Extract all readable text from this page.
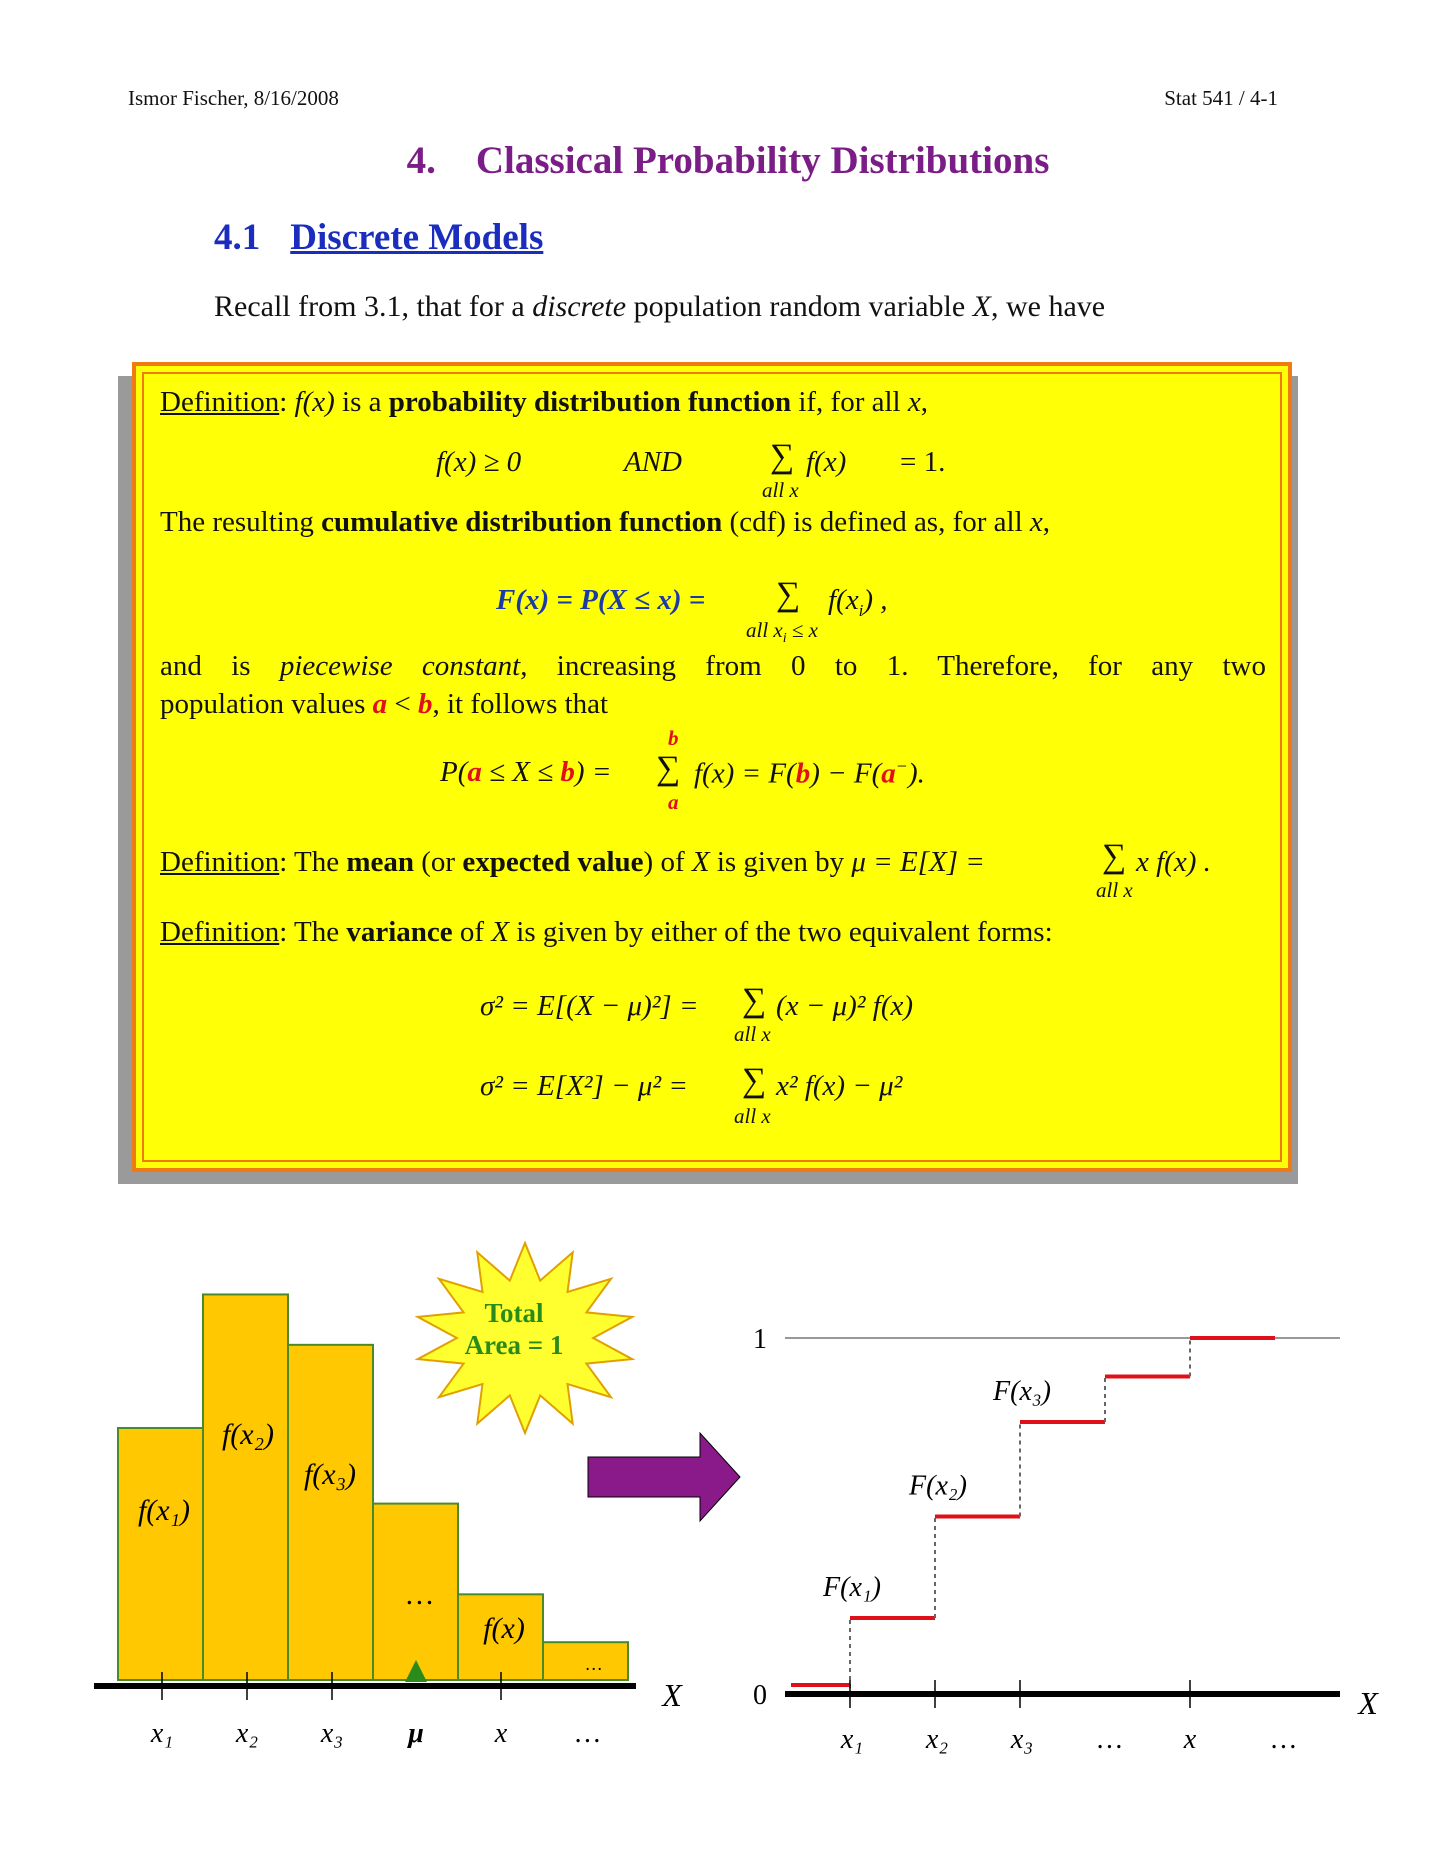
Ismor Fischer, 8/16/2008	Stat 541 / 4-1
4. Classical Probability Distributions
4.1 Discrete Models
Recall from 3.1, that for a discrete population random variable X, we have
Definition: f(x) is a probability distribution function if, for all x,
f(x) ≥ 0	AND	∑ f(x) = 1.
all x
The resulting cumulative distribution function (cdf) is defined as, for all x,
F(x) = P(X ≤ x) = ∑ $f(x_i)$ ,
all $x_i \le x$
and is piecewise constant, increasing from 0 to 1. Therefore, for any two
population values a < b, it follows that
P(a ≤ X ≤ b) = ∑
b
a
f(x) = F(b) − F(a−).
Definition: The mean (or expected value) of X is given by μ = E[X] =	∑ x f(x) .
all x
Definition: The variance of X is given by either of the two equivalent forms:
σ² = E[(X − μ)²] = ∑ (x − μ)² f(x)
all x
σ² = E[X²] − μ² = ∑ x² f(x) − μ²
all x
f(x₁)
f(x₂)
f(x₃)
…
f(x)
…
x₁ x₂ x₃ μ	x …
X
Total
Area = 1	1
0
F(x₁)
F(x₂)
F(x₃)
x₁ x₂ x₃ … x	…
X
